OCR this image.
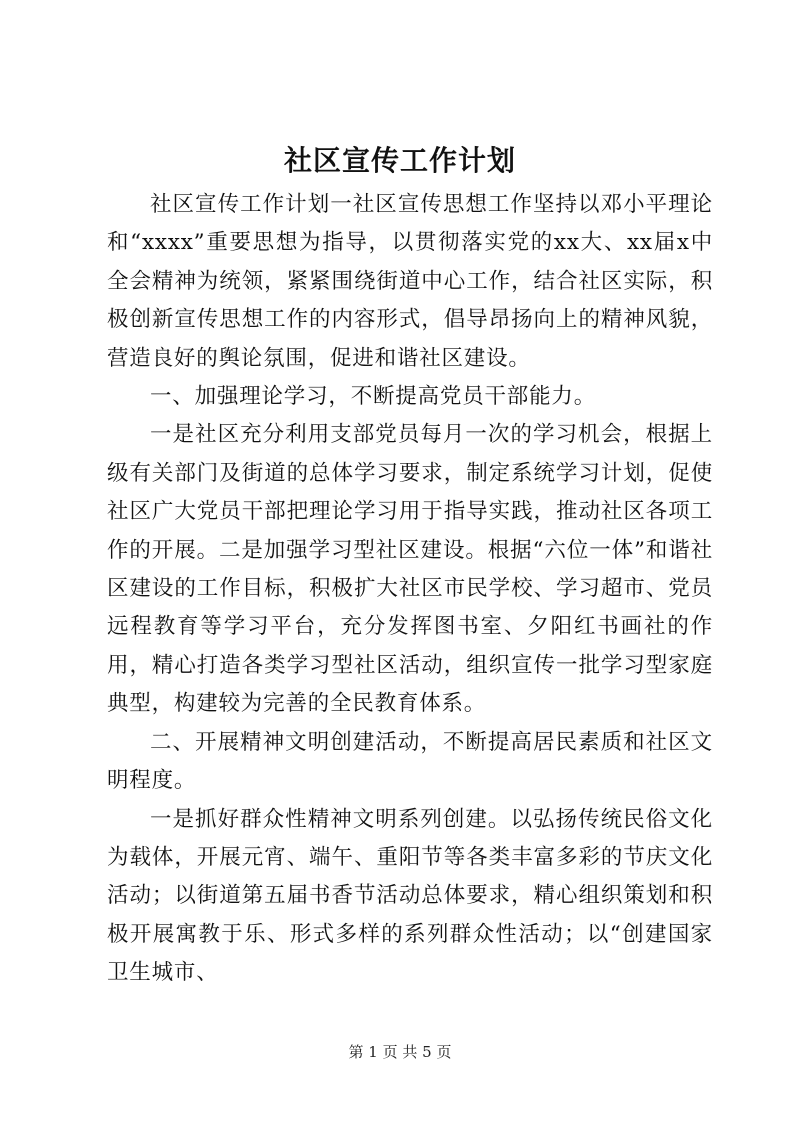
社区宣传工作计划

社区宣传工作计划一社区宣传思想工作坚持以邓小平理论和“xxxx”重要思想为指导，以贯彻落实党的xx大、xx届x中全会精神为统领，紧紧围绕街道中心工作，结合社区实际，积极创新宣传思想工作的内容形式，倡导昂扬向上的精神风貌，营造良好的舆论氛围，促进和谐社区建设。

一、加强理论学习，不断提高党员干部能力。

一是社区充分利用支部党员每月一次的学习机会，根据上级有关部门及街道的总体学习要求，制定系统学习计划，促使社区广大党员干部把理论学习用于指导实践，推动社区各项工作的开展。二是加强学习型社区建设。根据“六位一体”和谐社区建设的工作目标，积极扩大社区市民学校、学习超市、党员远程教育等学习平台，充分发挥图书室、夕阳红书画社的作用，精心打造各类学习型社区活动，组织宣传一批学习型家庭典型，构建较为完善的全民教育体系。

二、开展精神文明创建活动，不断提高居民素质和社区文明程度。

一是抓好群众性精神文明系列创建。以弘扬传统民俗文化为载体，开展元宵、端午、重阳节等各类丰富多彩的节庆文化活动；以街道第五届书香节活动总体要求，精心组织策划和积极开展寓教于乐、形式多样的系列群众性活动；以“创建国家卫生城市、

第 1 页 共 5 页
